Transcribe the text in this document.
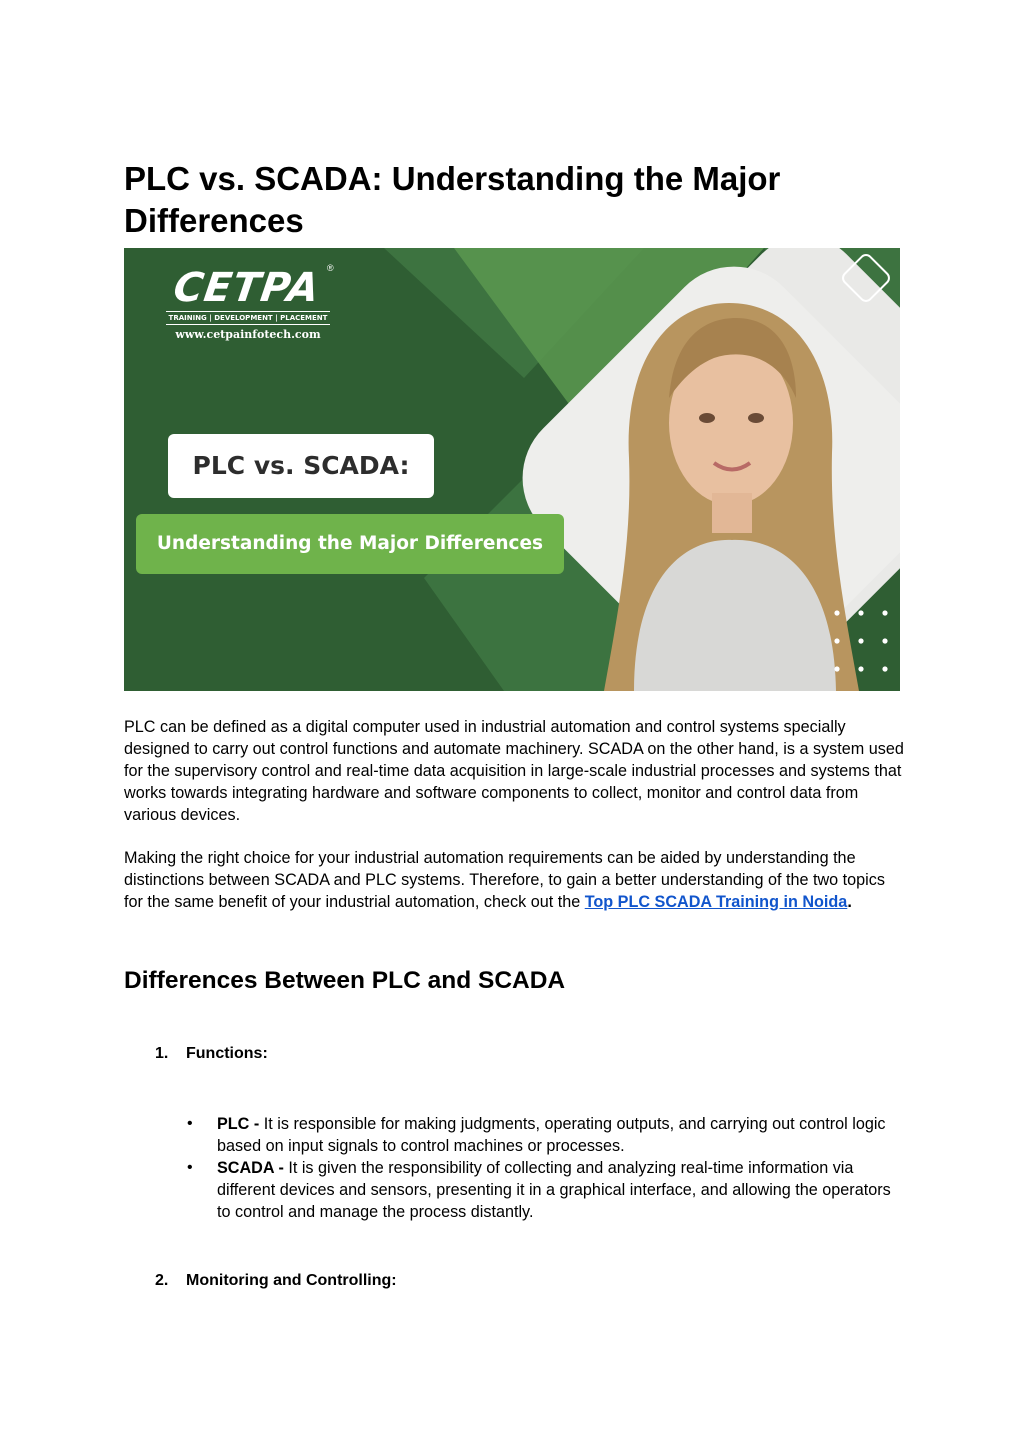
PLC vs. SCADA: Understanding the Major Differences
CETPA ®
TRAINING | DEVELOPMENT | PLACEMENT
www.cetpainfotech.com
PLC vs. SCADA:
Understanding the Major Differences

PLC can be defined as a digital computer used in industrial automation and control systems specially designed to carry out control functions and automate machinery. SCADA on the other hand, is a system used for the supervisory control and real-time data acquisition in large-scale industrial processes and systems that works towards integrating hardware and software components to collect, monitor and control data from various devices.

Making the right choice for your industrial automation requirements can be aided by understanding the distinctions between SCADA and PLC systems. Therefore, to gain a better understanding of the two topics for the same benefit of your industrial automation, check out the Top PLC SCADA Training in Noida.

Differences Between PLC and SCADA
1. Functions:
• PLC - It is responsible for making judgments, operating outputs, and carrying out control logic based on input signals to control machines or processes.
• SCADA - It is given the responsibility of collecting and analyzing real-time information via different devices and sensors, presenting it in a graphical interface, and allowing the operators to control and manage the process distantly.
2. Monitoring and Controlling:
